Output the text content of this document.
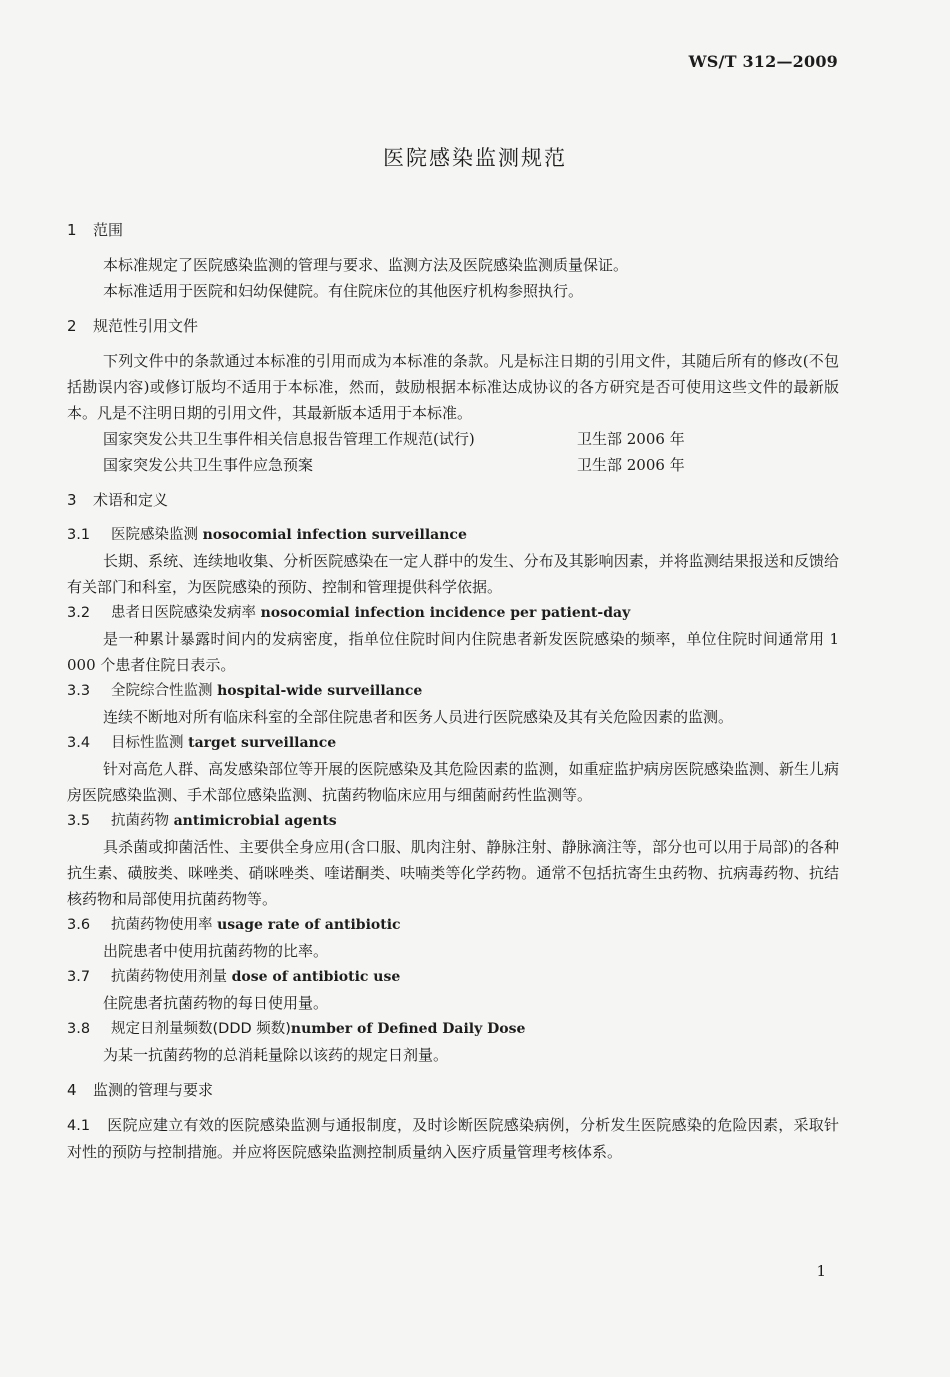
WS/T 312—2009
医院感染监测规范
1 范围

本标准规定了医院感染监测的管理与要求、监测方法及医院感染监测质量保证。

本标准适用于医院和妇幼保健院。有住院床位的其他医疗机构参照执行。

2 规范性引用文件

下列文件中的条款通过本标准的引用而成为本标准的条款。凡是标注日期的引用文件，其随后所有的修改(不包括勘误内容)或修订版均不适用于本标准，然而，鼓励根据本标准达成协议的各方研究是否可使用这些文件的最新版本。凡是不注明日期的引用文件，其最新版本适用于本标准。

国家突发公共卫生事件相关信息报告管理工作规范(试行)	卫生部 2006 年
国家突发公共卫生事件应急预案	卫生部 2006 年
3 术语和定义
3.1 医院感染监测 nosocomial infection surveillance

长期、系统、连续地收集、分析医院感染在一定人群中的发生、分布及其影响因素，并将监测结果报送和反馈给有关部门和科室，为医院感染的预防、控制和管理提供科学依据。

3.2 患者日医院感染发病率 nosocomial infection incidence per patient-day

是一种累计暴露时间内的发病密度，指单位住院时间内住院患者新发医院感染的频率，单位住院时间通常用 1 000 个患者住院日表示。

3.3 全院综合性监测 hospital-wide surveillance

连续不断地对所有临床科室的全部住院患者和医务人员进行医院感染及其有关危险因素的监测。

3.4 目标性监测 target surveillance

针对高危人群、高发感染部位等开展的医院感染及其危险因素的监测，如重症监护病房医院感染监测、新生儿病房医院感染监测、手术部位感染监测、抗菌药物临床应用与细菌耐药性监测等。

3.5 抗菌药物 antimicrobial agents

具杀菌或抑菌活性、主要供全身应用(含口服、肌肉注射、静脉注射、静脉滴注等，部分也可以用于局部)的各种抗生素、磺胺类、咪唑类、硝咪唑类、喹诺酮类、呋喃类等化学药物。通常不包括抗寄生虫药物、抗病毒药物、抗结核药物和局部使用抗菌药物等。

3.6 抗菌药物使用率 usage rate of antibiotic

出院患者中使用抗菌药物的比率。

3.7 抗菌药物使用剂量 dose of antibiotic use

住院患者抗菌药物的每日使用量。

3.8 规定日剂量频数(DDD 频数)number of Defined Daily Dose

为某一抗菌药物的总消耗量除以该药的规定日剂量。

4 监测的管理与要求

4.1 医院应建立有效的医院感染监测与通报制度，及时诊断医院感染病例，分析发生医院感染的危险因素，采取针对性的预防与控制措施。并应将医院感染监测控制质量纳入医疗质量管理考核体系。

1
